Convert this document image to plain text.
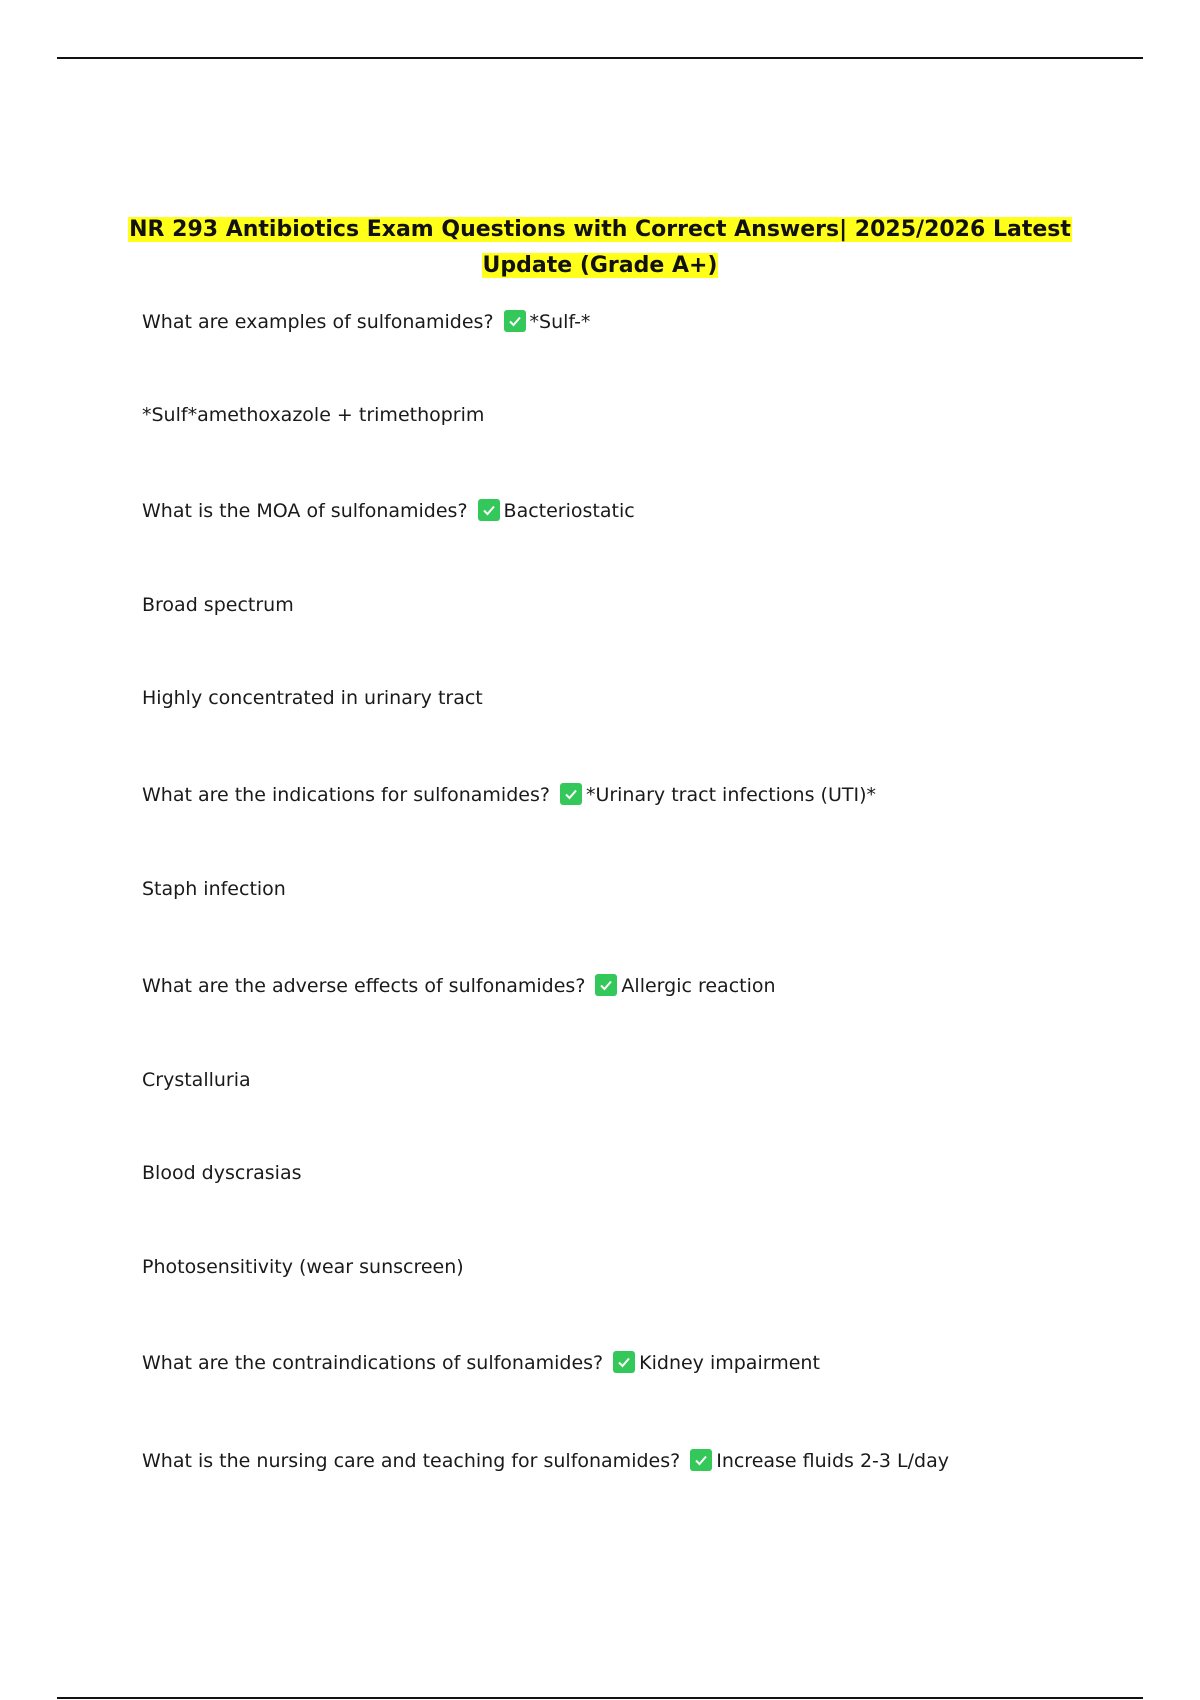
NR 293 Antibiotics Exam Questions with Correct Answers| 2025/2026 Latest
Update (Grade A+)
What are examples of sulfonamides? *Sulf-*
*Sulf*amethoxazole + trimethoprim
What is the MOA of sulfonamides? Bacteriostatic
Broad spectrum
Highly concentrated in urinary tract
What are the indications for sulfonamides? *Urinary tract infections (UTI)*
Staph infection
What are the adverse effects of sulfonamides? Allergic reaction
Crystalluria
Blood dyscrasias
Photosensitivity (wear sunscreen)
What are the contraindications of sulfonamides? Kidney impairment
What is the nursing care and teaching for sulfonamides? Increase fluids 2-3 L/day
